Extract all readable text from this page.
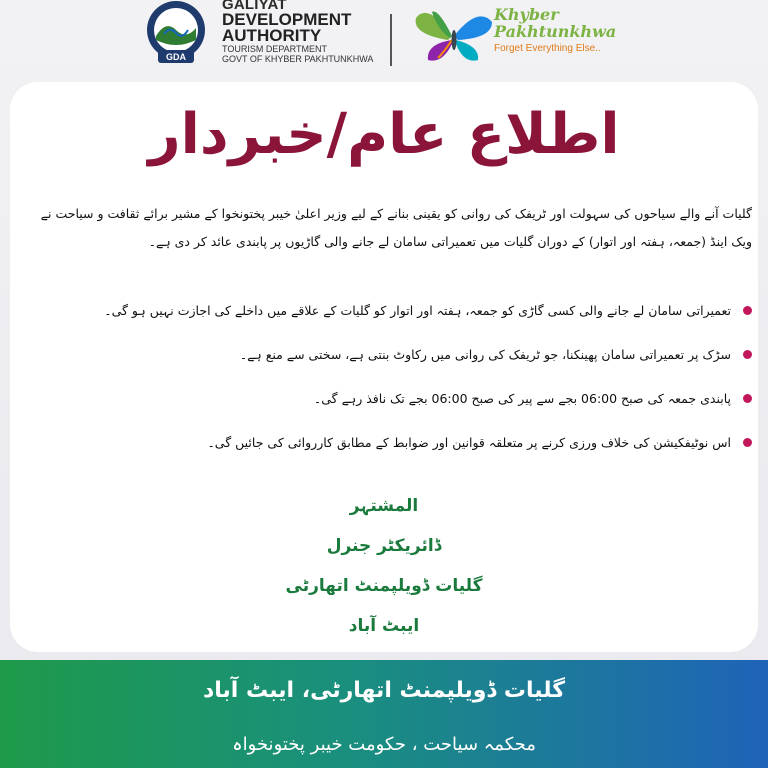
GDA
GALIYAT
DEVELOPMENT
AUTHORITY
TOURISM DEPARTMENT
GOVT OF KHYBER PAKHTUNKHWA
Khyber
Pakhtunkhwa
Forget Everything Else..
اطلاع عام/خبردار
گلیات آنے والے سیاحوں کی سہولت اور ٹریفک کی روانی کو یقینی بنانے کے لیے وزیر اعلیٰ خیبر پختونخوا کے مشیر برائے ثقافت و سیاحت نے
ویک اینڈ (جمعہ، ہفتہ اور اتوار) کے دوران گلیات میں تعمیراتی سامان لے جانے والی گاڑیوں پر پابندی عائد کر دی ہے۔
تعمیراتی سامان لے جانے والی کسی گاڑی کو جمعہ، ہفتہ اور اتوار کو گلیات کے علاقے میں داخلے کی اجازت نہیں ہو گی۔
سڑک پر تعمیراتی سامان پھینکنا، جو ٹریفک کی روانی میں رکاوٹ بنتی ہے، سختی سے منع ہے۔
پابندی جمعہ کی صبح 06:00 بجے سے پیر کی صبح 06:00 بجے تک نافذ رہے گی۔
اس نوٹیفکیشن کی خلاف ورزی کرنے پر متعلقہ قوانین اور ضوابط کے مطابق کارروائی کی جائیں گی۔
المشتہر
ڈائریکٹر جنرل
گلیات ڈویلپمنٹ اتھارٹی
ایبٹ آباد
گلیات ڈویلپمنٹ اتھارٹی، ایبٹ آباد
محکمہ سیاحت ، حکومت خیبر پختونخواہ
